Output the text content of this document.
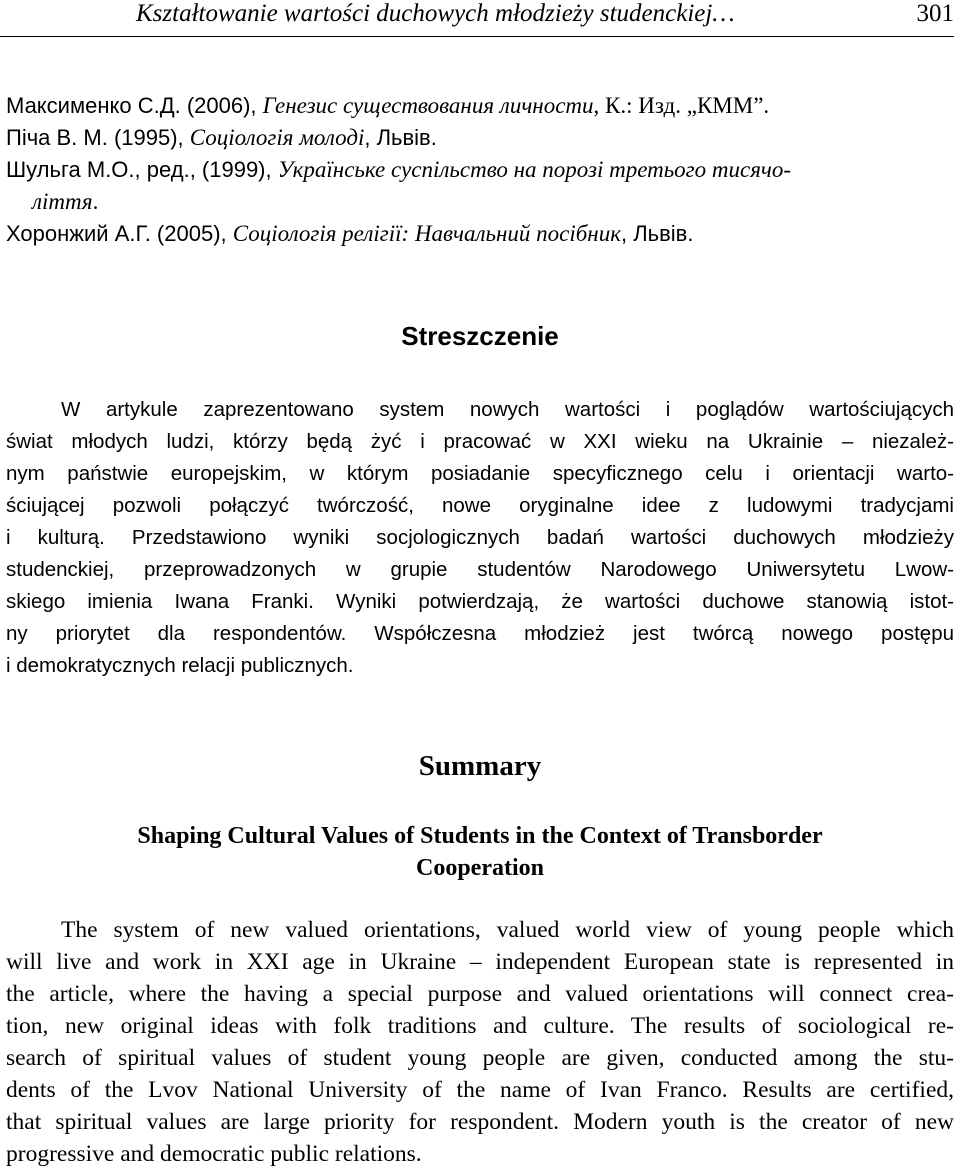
Kształtowanie wartości duchowych młodzieży studenckiej…	301

Максименко С.Д. (2006), Генезис существования личности, К.: Изд. „КММ”.

Піча В. М. (1995), Соціологія молоді, Львів.

Шульга М.О., ред., (1999), Українське суспільство на порозі третього тисячо-

ліття.

Хоронжий А.Г. (2005), Соціологія релігії: Навчальний посібник, Львів.

Streszczenie
W artykule zaprezentowano system nowych wartości i poglądów wartościujących
świat młodych ludzi, którzy będą żyć i pracować w XXI wieku na Ukrainie – niezależ-
nym państwie europejskim, w którym posiadanie specyficznego celu i orientacji warto-
ściującej pozwoli połączyć twórczość, nowe oryginalne idee z ludowymi tradycjami
i kulturą. Przedstawiono wyniki socjologicznych badań wartości duchowych młodzieży
studenckiej, przeprowadzonych w grupie studentów Narodowego Uniwersytetu Lwow-
skiego imienia Iwana Franki. Wyniki potwierdzają, że wartości duchowe stanowią istot-
ny priorytet dla respondentów. Współczesna młodzież jest twórcą nowego postępu
i demokratycznych relacji publicznych.
Summary
Shaping Cultural Values of Students in the Context of Transborder
Cooperation
The system of new valued orientations, valued world view of young people which
will live and work in XXI age in Ukraine – independent European state is represented in
the article, where the having a special purpose and valued orientations will connect crea-
tion, new original ideas with folk traditions and culture. The results of sociological re-
search of spiritual values of student young people are given, conducted among the stu-
dents of the Lvov National University of the name of Ivan Franco. Results are certified,
that spiritual values are large priority for respondent. Modern youth is the creator of new
progressive and democratic public relations.
